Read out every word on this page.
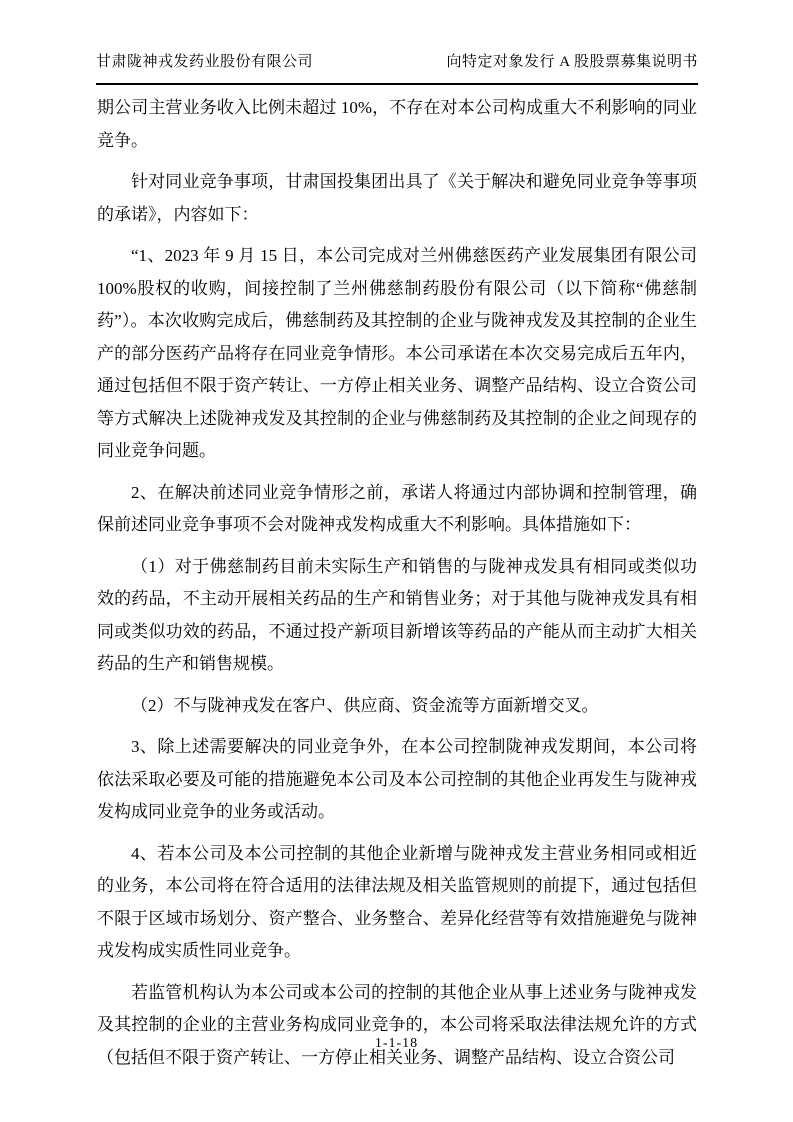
甘肃陇神戎发药业股份有限公司	向特定对象发行 A 股股票募集说明书

期公司主营业务收入比例未超过 10%，不存在对本公司构成重大不利影响的同业竞争。

针对同业竞争事项，甘肃国投集团出具了《关于解决和避免同业竞争等事项的承诺》，内容如下：

“1、2023 年 9 月 15 日，本公司完成对兰州佛慈医药产业发展集团有限公司 100%股权的收购，间接控制了兰州佛慈制药股份有限公司（以下简称“佛慈制药”）。本次收购完成后，佛慈制药及其控制的企业与陇神戎发及其控制的企业生产的部分医药产品将存在同业竞争情形。本公司承诺在本次交易完成后五年内，通过包括但不限于资产转让、一方停止相关业务、调整产品结构、设立合资公司等方式解决上述陇神戎发及其控制的企业与佛慈制药及其控制的企业之间现存的同业竞争问题。

2、在解决前述同业竞争情形之前，承诺人将通过内部协调和控制管理，确保前述同业竞争事项不会对陇神戎发构成重大不利影响。具体措施如下：

（1）对于佛慈制药目前未实际生产和销售的与陇神戎发具有相同或类似功效的药品，不主动开展相关药品的生产和销售业务；对于其他与陇神戎发具有相同或类似功效的药品，不通过投产新项目新增该等药品的产能从而主动扩大相关药品的生产和销售规模。

（2）不与陇神戎发在客户、供应商、资金流等方面新增交叉。

3、除上述需要解决的同业竞争外，在本公司控制陇神戎发期间，本公司将依法采取必要及可能的措施避免本公司及本公司控制的其他企业再发生与陇神戎发构成同业竞争的业务或活动。

4、若本公司及本公司控制的其他企业新增与陇神戎发主营业务相同或相近的业务，本公司将在符合适用的法律法规及相关监管规则的前提下，通过包括但不限于区域市场划分、资产整合、业务整合、差异化经营等有效措施避免与陇神戎发构成实质性同业竞争。

若监管机构认为本公司或本公司的控制的其他企业从事上述业务与陇神戎发及其控制的企业的主营业务构成同业竞争的，本公司将采取法律法规允许的方式（包括但不限于资产转让、一方停止相关业务、调整产品结构、设立合资公司

1-1-18
